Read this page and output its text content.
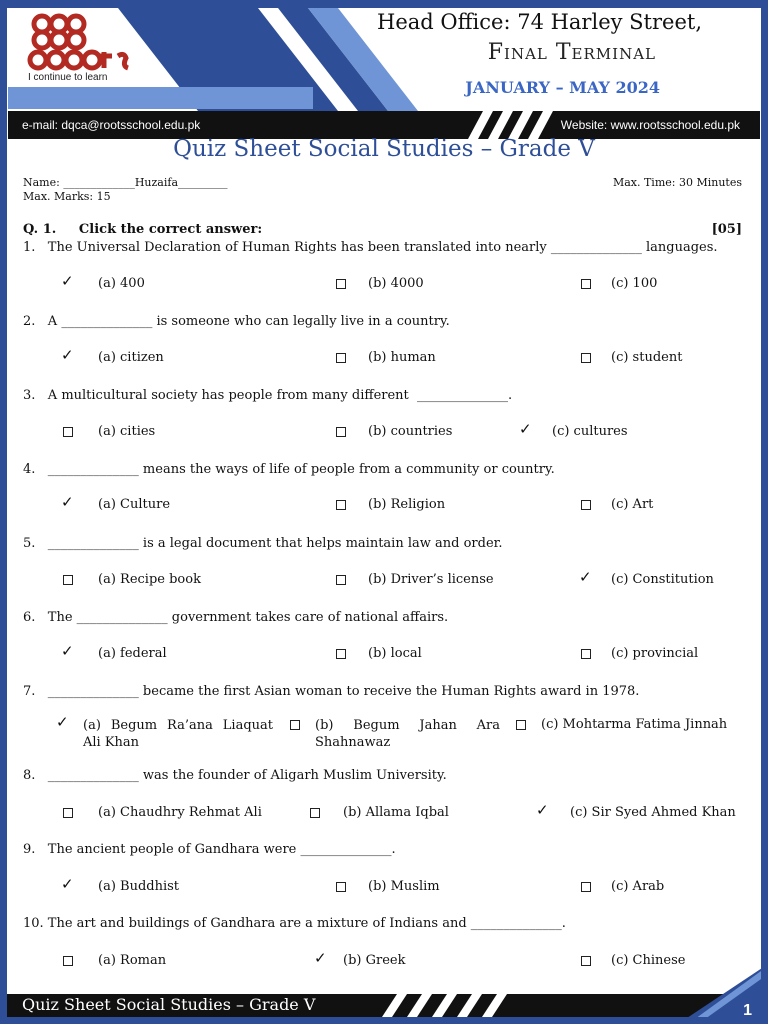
I continue to learn
Head Office: 74 Harley Street,
Final Terminal
JANUARY – MAY 2024
e-mail: dqca@rootsschool.edu.pk	Website: www.rootsschool.edu.pk
Quiz Sheet Social Studies – Grade V
Name: _____________Huzaifa_________
Max. Marks: 15
Max. Time: 30 Minutes
Q. 1.     Click the correct answer:	[05]
1.   The Universal Declaration of Human Rights has been translated into nearly ______________ languages.
✓ (a) 400	(b) 4000	(c) 100
2.   A ______________ is someone who can legally live in a country.
✓ (a) citizen	(b) human	(c) student
3.   A multicultural society has people from many different  ______________.
(a) cities	(b) countries	✓ (c) cultures
4.   ______________ means the ways of life of people from a community or country.
✓ (a) Culture	(b) Religion	(c) Art
5.   ______________ is a legal document that helps maintain law and order.
(a) Recipe book	(b) Driver’s license	✓ (c) Constitution
6.   The ______________ government takes care of national affairs.
✓ (a) federal	(b) local	(c) provincial
7.   ______________ became the first Asian woman to receive the Human Rights award in 1978.
✓ (a) Begum Ra’ana Liaquat Ali Khan
(b) Begum Jahan Ara Shahnawaz
(c) Mohtarma Fatima Jinnah
8.   ______________ was the founder of Aligarh Muslim University.
(a) Chaudhry Rehmat Ali	(b) Allama Iqbal	✓ (c) Sir Syed Ahmed Khan
9.   The ancient people of Gandhara were ______________.
✓ (a) Buddhist	(b) Muslim	(c) Arab
10. The art and buildings of Gandhara are a mixture of Indians and ______________.
(a) Roman	✓ (b) Greek	(c) Chinese
Quiz Sheet Social Studies – Grade V	1
